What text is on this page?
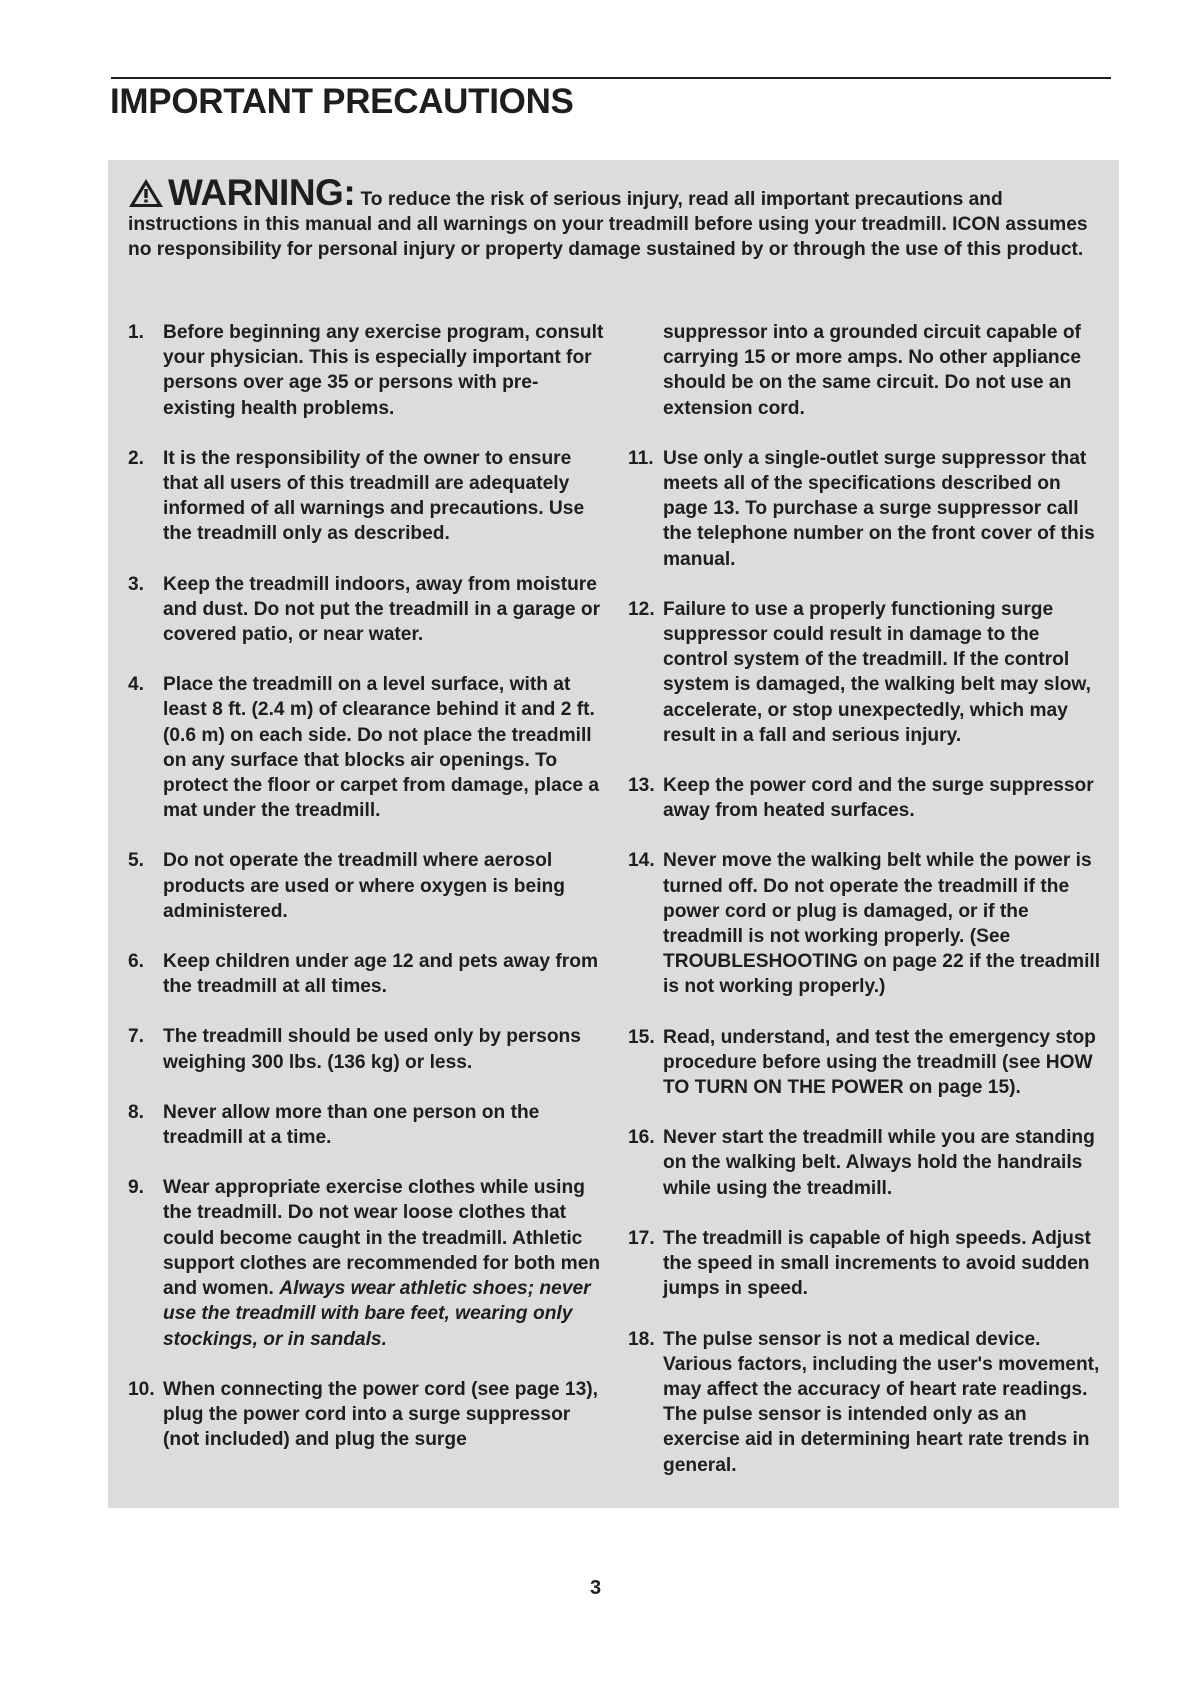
IMPORTANT PRECAUTIONS
WARNING: To reduce the risk of serious injury, read all important precautions and instructions in this manual and all warnings on your treadmill before using your treadmill. ICON assumes no responsibility for personal injury or property damage sustained by or through the use of this product.
1. Before beginning any exercise program, consult your physician. This is especially important for persons over age 35 or persons with pre-existing health problems.
2. It is the responsibility of the owner to ensure that all users of this treadmill are adequately informed of all warnings and precautions. Use the treadmill only as described.
3. Keep the treadmill indoors, away from moisture and dust. Do not put the treadmill in a garage or covered patio, or near water.
4. Place the treadmill on a level surface, with at least 8 ft. (2.4 m) of clearance behind it and 2 ft. (0.6 m) on each side. Do not place the treadmill on any surface that blocks air openings. To protect the floor or carpet from damage, place a mat under the treadmill.
5. Do not operate the treadmill where aerosol products are used or where oxygen is being administered.
6. Keep children under age 12 and pets away from the treadmill at all times.
7. The treadmill should be used only by persons weighing 300 lbs. (136 kg) or less.
8. Never allow more than one person on the treadmill at a time.
9. Wear appropriate exercise clothes while using the treadmill. Do not wear loose clothes that could become caught in the treadmill. Athletic support clothes are recommended for both men and women. Always wear athletic shoes; never use the treadmill with bare feet, wearing only stockings, or in sandals.
10. When connecting the power cord (see page 13), plug the power cord into a surge suppressor (not included) and plug the surge
suppressor into a grounded circuit capable of carrying 15 or more amps. No other appliance should be on the same circuit. Do not use an extension cord.
11. Use only a single-outlet surge suppressor that meets all of the specifications described on page 13. To purchase a surge suppressor call the telephone number on the front cover of this manual.
12. Failure to use a properly functioning surge suppressor could result in damage to the control system of the treadmill. If the control system is damaged, the walking belt may slow, accelerate, or stop unexpectedly, which may result in a fall and serious injury.
13. Keep the power cord and the surge suppressor away from heated surfaces.
14. Never move the walking belt while the power is turned off. Do not operate the treadmill if the power cord or plug is damaged, or if the treadmill is not working properly. (See TROUBLESHOOTING on page 22 if the treadmill is not working properly.)
15. Read, understand, and test the emergency stop procedure before using the treadmill (see HOW TO TURN ON THE POWER on page 15).
16. Never start the treadmill while you are standing on the walking belt. Always hold the handrails while using the treadmill.
17. The treadmill is capable of high speeds. Adjust the speed in small increments to avoid sudden jumps in speed.
18. The pulse sensor is not a medical device. Various factors, including the user's movement, may affect the accuracy of heart rate readings. The pulse sensor is intended only as an exercise aid in determining heart rate trends in general.
3
